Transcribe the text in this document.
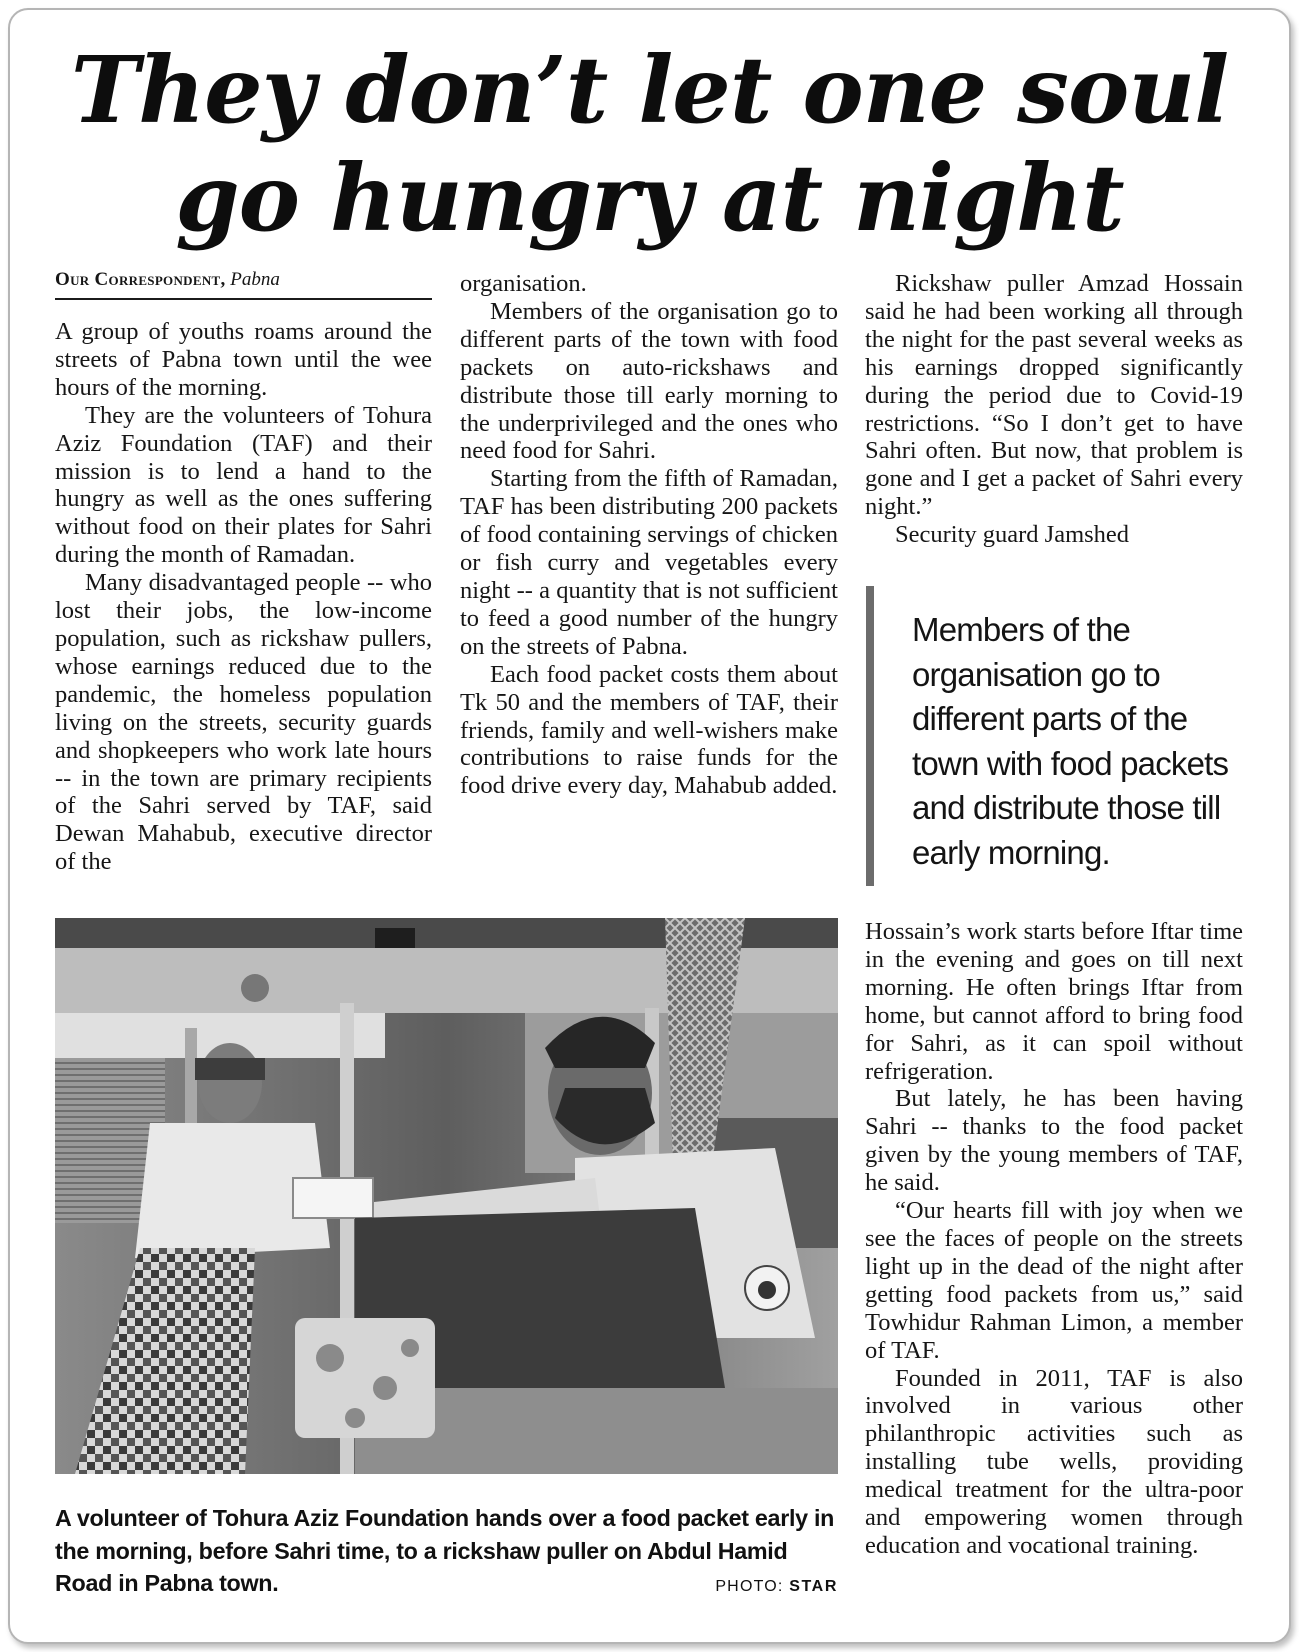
They don’t let one soul
go hungry at night
Our Correspondent, Pabna

A group of youths roams around the streets of Pabna town until the wee hours of the morning.

They are the volunteers of Tohura Aziz Foundation (TAF) and their mission is to lend a hand to the hungry as well as the ones suffering without food on their plates for Sahri during the month of Ramadan.

Many disadvantaged people -- who lost their jobs, the low-income population, such as rickshaw pullers, whose earnings reduced due to the pandemic, the homeless population living on the streets, security guards and shopkeepers who work late hours -- in the town are primary recipients of the Sahri served by TAF, said Dewan Mahabub, executive director of the

organisation.

Members of the organisation go to different parts of the town with food packets on auto-rickshaws and distribute those till early morning to the underprivileged and the ones who need food for Sahri.

Starting from the fifth of Ramadan, TAF has been distributing 200 packets of food containing servings of chicken or fish curry and vegetables every night -- a quantity that is not sufficient to feed a good number of the hungry on the streets of Pabna.

Each food packet costs them about Tk 50 and the members of TAF, their friends, family and well-wishers make contributions to raise funds for the food drive every day, Mahabub added.

Rickshaw puller Amzad Hossain said he had been working all through the night for the past several weeks as his earnings dropped significantly during the period due to Covid-19 restrictions. “So I don’t get to have Sahri often. But now, that problem is gone and I get a packet of Sahri every night.”

Security guard Jamshed

Members of the organisation go to different parts of the town with food packets and distribute those till early morning.

A volunteer of Tohura Aziz Foundation hands over a food packet early in the morning, before Sahri time, to a rickshaw puller on Abdul Hamid Road in Pabna town.	PHOTO: STAR

Hossain’s work starts before Iftar time in the evening and goes on till next morning. He often brings Iftar from home, but cannot afford to bring food for Sahri, as it can spoil without refrigeration.

But lately, he has been having Sahri -- thanks to the food packet given by the young members of TAF, he said.

“Our hearts fill with joy when we see the faces of people on the streets light up in the dead of the night after getting food packets from us,” said Towhidur Rahman Limon, a member of TAF.

Founded in 2011, TAF is also involved in various other philanthropic activities such as installing tube wells, providing medical treatment for the ultra-poor and empowering women through education and vocational training.
